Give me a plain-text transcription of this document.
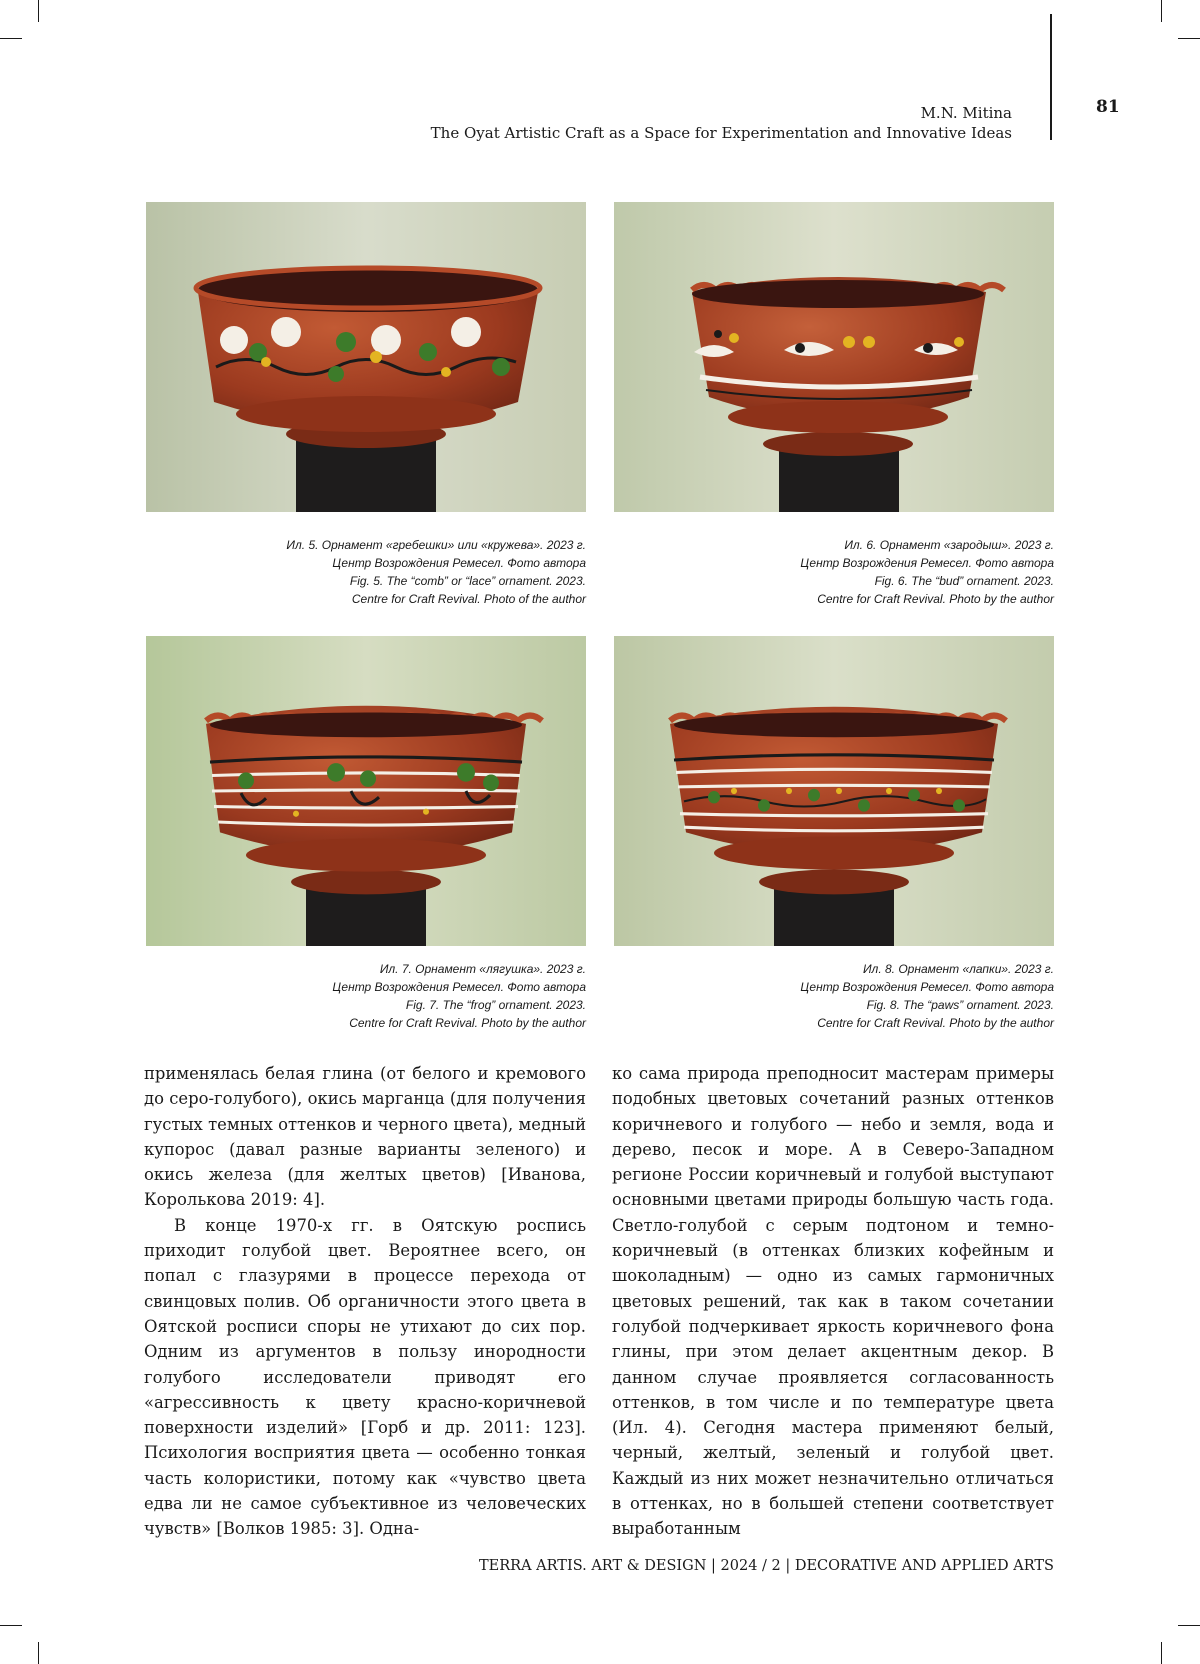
M.N. Mitina
The Oyat Artistic Craft as a Space for Experimentation and Innovative Ideas
81
Ил. 5. Орнамент «гребешки» или «кружева». 2023 г.
Центр Возрождения Ремесел. Фото автора
Fig. 5. The “comb” or “lace” ornament. 2023.
Centre for Craft Revival. Photo of the author
Ил. 6. Орнамент «зародыш». 2023 г.
Центр Возрождения Ремесел. Фото автора
Fig. 6. The “bud” ornament. 2023.
Centre for Craft Revival. Photo by the author
Ил. 7. Орнамент «лягушка». 2023 г.
Центр Возрождения Ремесел. Фото автора
Fig. 7. The “frog” ornament. 2023.
Centre for Craft Revival. Photo by the author
Ил. 8. Орнамент «лапки». 2023 г.
Центр Возрождения Ремесел. Фото автора
Fig. 8. The “paws” ornament. 2023.
Centre for Craft Revival. Photo by the author

применялась белая глина (от белого и кремового до серо-голубого), окись марганца (для получения густых темных оттенков и черного цвета), медный купорос (давал разные варианты зеленого) и окись железа (для желтых цветов) [Иванова, Королькова 2019: 4].

В конце 1970-х гг. в Оятскую роспись приходит голубой цвет. Вероятнее всего, он попал с глазурями в процессе перехода от свинцовых полив. Об органичности этого цвета в Оятской росписи споры не утихают до сих пор. Одним из аргументов в пользу инородности голубого исследователи приводят его «агрессивность к цвету красно-коричневой поверхности изделий» [Горб и др. 2011: 123]. Психология восприятия цвета — особенно тонкая часть колористики, потому как «чувство цвета едва ли не самое субъективное из человеческих чувств» [Волков 1985: 3]. Одна-

ко сама природа преподносит мастерам примеры подобных цветовых сочетаний разных оттенков коричневого и голубого — небо и земля, вода и дерево, песок и море. А в Северо-Западном регионе России коричневый и голубой выступают основными цветами природы большую часть года. Светло-голубой с серым подтоном и темно-коричневый (в оттенках близких кофейным и шоколадным) — одно из самых гармоничных цветовых решений, так как в таком сочетании голубой подчеркивает яркость коричневого фона глины, при этом делает акцентным декор. В данном случае проявляется согласованность оттенков, в том числе и по температуре цвета (Ил. 4). Сегодня мастера применяют белый, черный, желтый, зеленый и голубой цвет. Каждый из них может незначительно отличаться в оттенках, но в большей степени соответствует выработанным

TERRA ARTIS. ART & DESIGN | 2024 / 2 | DECORATIVE AND APPLIED ARTS
